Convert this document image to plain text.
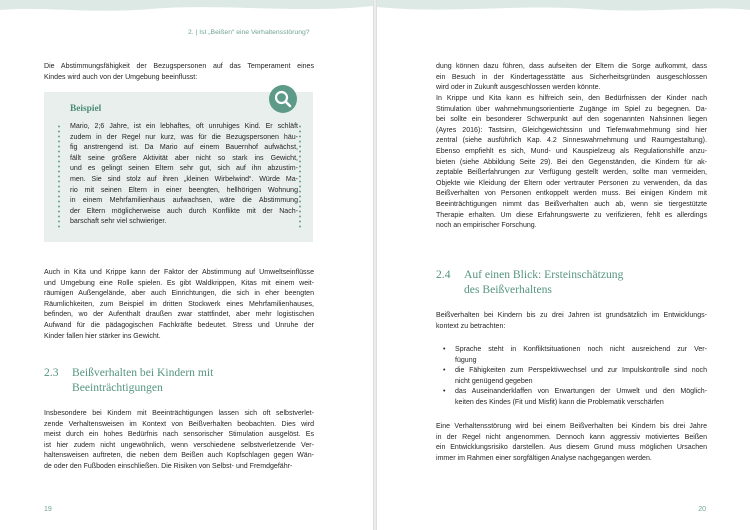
Die Abstimmungsfähigkeit der Bezugspersonen auf das Temperament eines
Kindes wird auch von der Umgebung beeinflusst:

Beispiel
Mario, 2;6 Jahre, ist ein lebhaftes, oft unruhiges Kind. Er schläft
zudem in der Regel nur kurz, was für die Bezugspersonen häu-
fig anstrengend ist. Da Mario auf einem Bauernhof aufwächst,
fällt seine größere Aktivität aber nicht so stark ins Gewicht,
und es gelingt seinen Eltern sehr gut, sich auf ihn abzustim-
men. Sie sind stolz auf ihren „kleinen Wirbelwind“. Würde Ma-
rio mit seinen Eltern in einer beengten, hellhörigen Wohnung
in einem Mehrfamilienhaus aufwachsen, wäre die Abstimmung
der Eltern möglicherweise auch durch Konflikte mit der Nach-
barschaft sehr viel schwieriger.

Auch in Kita und Krippe kann der Faktor der Abstimmung auf Umweltseinflüsse
und Umgebung eine Rolle spielen. Es gibt Waldkrippen, Kitas mit einem weit-
räumigen Außengelände, aber auch Einrichtungen, die sich in eher beengten
Räumlichkeiten, zum Beispiel im dritten Stockwerk eines Mehrfamilienhauses,
befinden, wo der Aufenthalt draußen zwar stattfindet, aber mehr logistischen
Aufwand für die pädagogischen Fachkräfte bedeutet. Stress und Unruhe der
Kinder fallen hier stärker ins Gewicht.

2.3 Beißverhalten bei Kindern mit
Beeinträchtigungen

Insbesondere bei Kindern mit Beeinträchtigungen lassen sich oft selbstverlet-
zende Verhaltensweisen im Kontext von Beißverhalten beobachten. Dies wird
meist durch ein hohes Bedürfnis nach sensorischer Stimulation ausgelöst. Es
ist hier zudem nicht ungewöhnlich, wenn verschiedene selbstverletzende Ver-
haltensweisen auftreten, die neben dem Beißen auch Kopfschlagen gegen Wän-
de oder den Fußboden einschließen. Die Risiken von Selbst- und Fremdgefähr-

19

dung können dazu führen, dass aufseiten der Eltern die Sorge aufkommt, dass
ein Besuch in der Kindertagesstätte aus Sicherheitsgründen ausgeschlossen
wird oder in Zukunft ausgeschlossen werden könnte.

In Krippe und Kita kann es hilfreich sein, den Bedürfnissen der Kinder nach
Stimulation über wahrnehmungsorientierte Zugänge im Spiel zu begegnen. Da-
bei sollte ein besonderer Schwerpunkt auf den sogenannten Nahsinnen liegen
(Ayres 2016): Tastsinn, Gleichgewichtssinn und Tiefenwahrnehmung sind hier
zentral (siehe ausführlich Kap. 4.2 Sinneswahrnehmung und Raumgestaltung).
Ebenso empfiehlt es sich, Mund- und Kauspielzeug als Regulationshilfe anzu-
bieten (siehe Abbildung Seite 29). Bei den Gegenständen, die Kindern für ak-
zeptable Beißerfahrungen zur Verfügung gestellt werden, sollte man vermeiden,
Objekte wie Kleidung der Eltern oder vertrauter Personen zu verwenden, da das
Beißverhalten von Personen entkoppelt werden muss. Bei einigen Kindern mit
Beeinträchtigungen nimmt das Beißverhalten auch ab, wenn sie tiergestützte
Therapie erhalten. Um diese Erfahrungswerte zu verifizieren, fehlt es allerdings
noch an empirischer Forschung.

2.4 Auf einen Blick: Ersteinschätzung
des Beißverhaltens

Beißverhalten bei Kindern bis zu drei Jahren ist grundsätzlich im Entwicklungs-
kontext zu betrachten:

• Sprache steht in Konfliktsituationen noch nicht ausreichend zur Ver-
fügung
• die Fähigkeiten zum Perspektivwechsel und zur Impulskontrolle sind noch
nicht genügend gegeben
• das Auseinanderklaffen von Erwartungen der Umwelt und den Möglich-
keiten des Kindes (Fit und Misfit) kann die Problematik verschärfen

Eine Verhaltensstörung wird bei einem Beißverhalten bei Kindern bis drei Jahre
in der Regel nicht angenommen. Dennoch kann aggressiv motiviertes Beißen
ein Entwicklungsrisiko darstellen. Aus diesem Grund muss möglichen Ursachen
immer im Rahmen einer sorgfältigen Analyse nachgegangen werden.

20
2. | Ist „Beißen“ eine Verhaltensstörung?
